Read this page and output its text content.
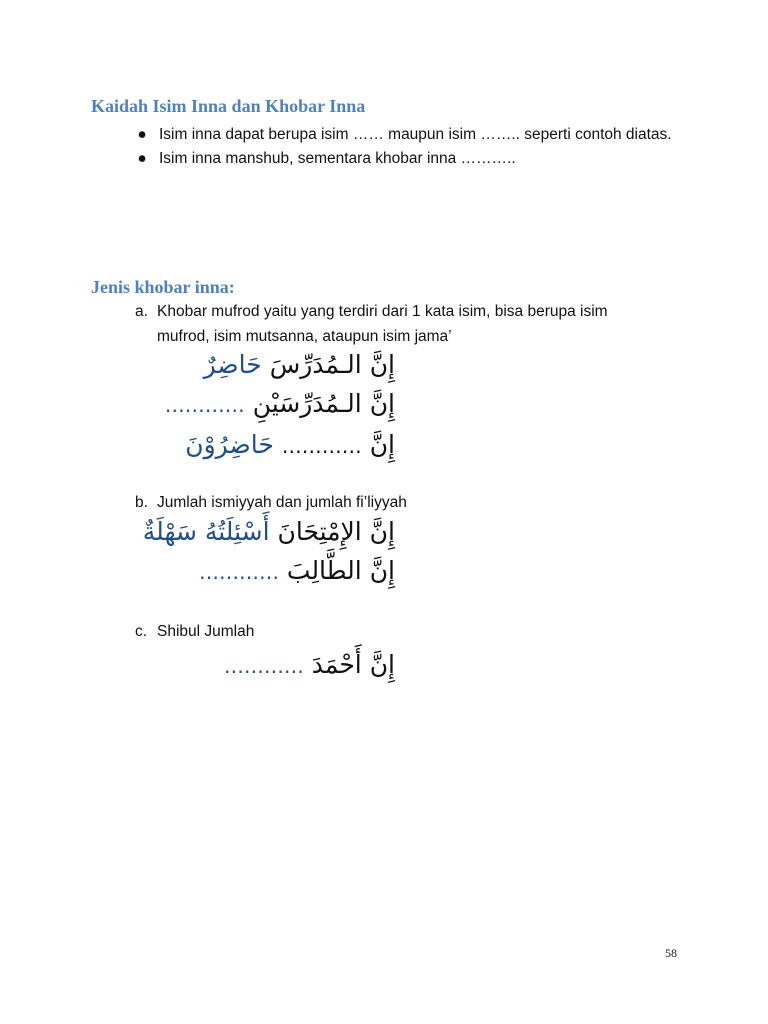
Kaidah Isim Inna dan Khobar Inna
● Isim inna dapat berupa isim …… maupun isim …….. seperti contoh diatas.
● Isim inna manshub, sementara khobar inna ………..
Jenis khobar inna:
a. Khobar mufrod yaitu yang terdiri dari 1 kata isim, bisa berupa isim
mufrod, isim mutsanna, ataupun isim jama’
إِنَّ الـمُدَرِّسَ حَاضِرٌ
إِنَّ الـمُدَرِّسَيْنِ …………
إِنَّ ………… حَاضِرُوْنَ
b. Jumlah ismiyyah dan jumlah fi’liyyah
إِنَّ الإِمْتِحَانَ أَسْئِلَتُهُ سَهْلَةٌ
إِنَّ الطَّالِبَ …………
c. Shibul Jumlah
إِنَّ أَحْمَدَ …………
58
